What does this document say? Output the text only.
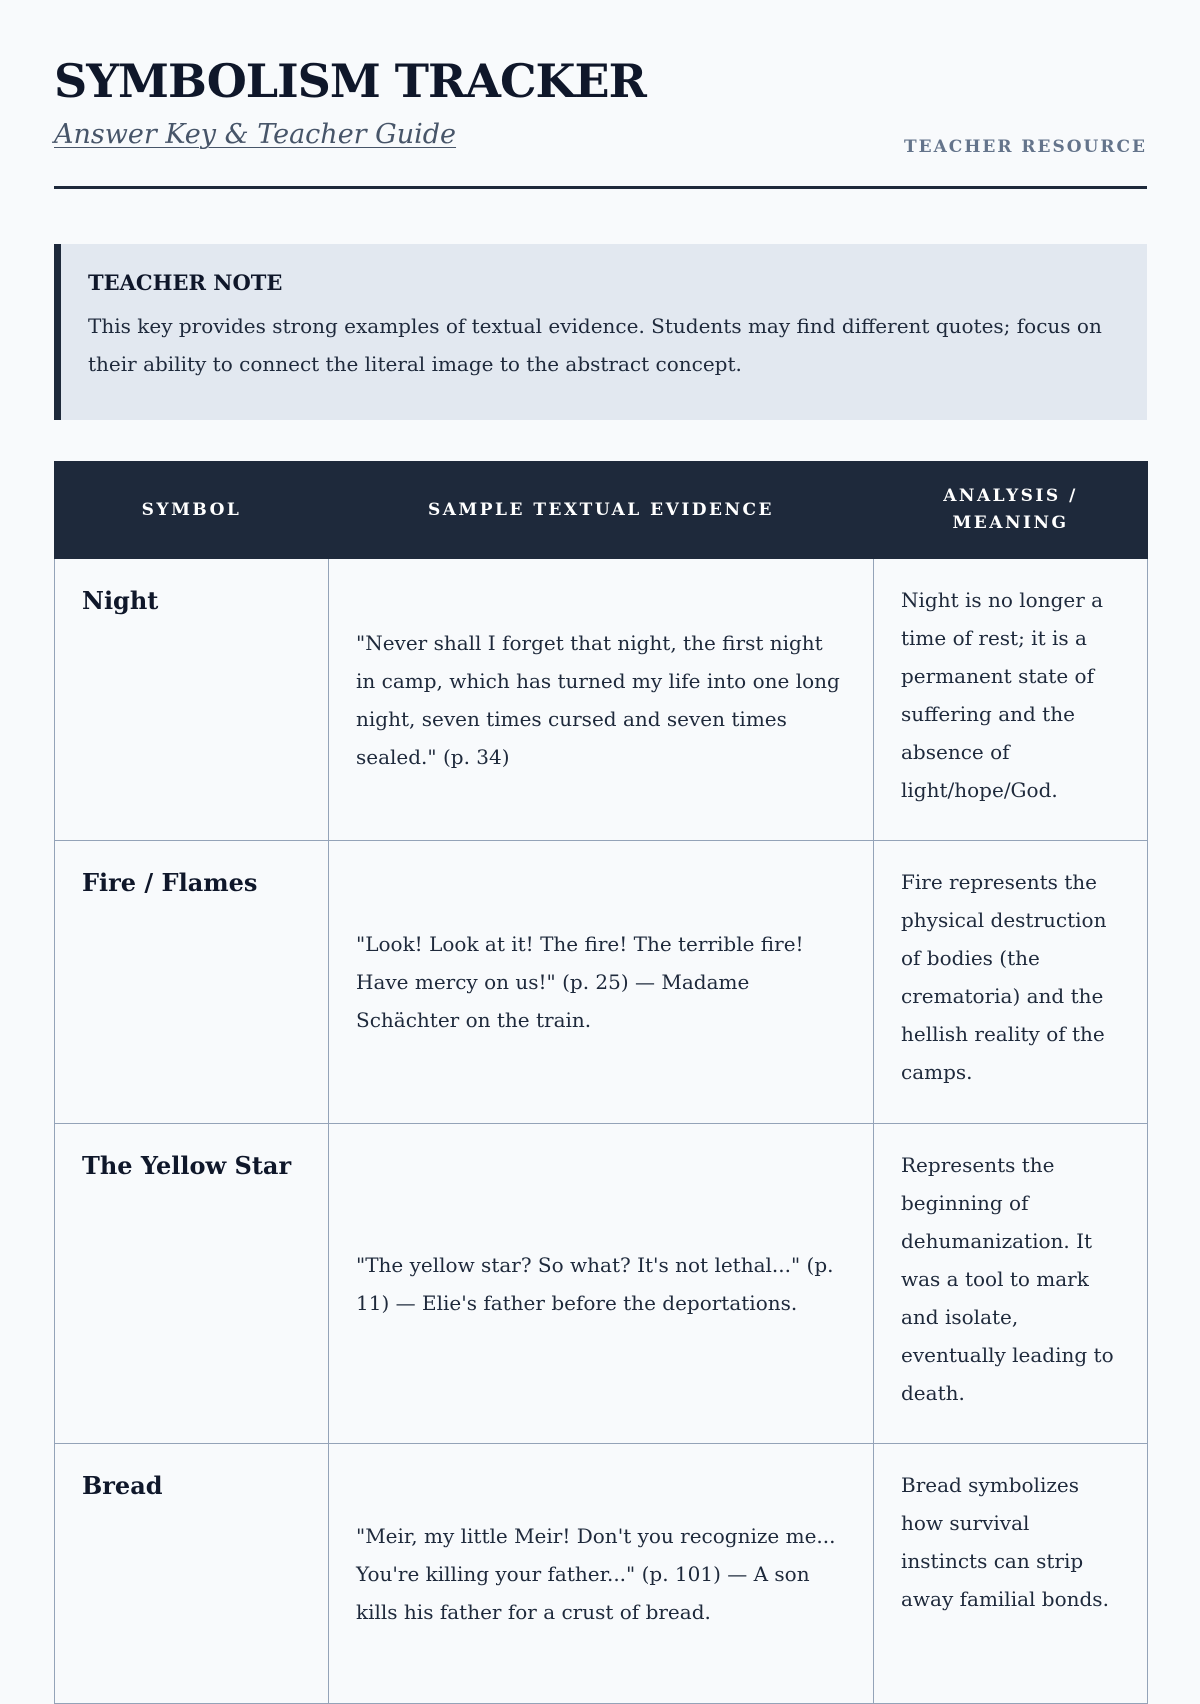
SYMBOLISM TRACKER
Answer Key & Teacher Guide	TEACHER RESOURCE
TEACHER NOTE

This key provides strong examples of textual evidence. Students may find different quotes; focus on their ability to connect the literal image to the abstract concept.

SYMBOL	SAMPLE TEXTUAL EVIDENCE	ANALYSIS / MEANING
Night	"Never shall I forget that night, the first night in camp, which has turned my life into one long night, seven times cursed and seven times sealed." (p. 34)	Night is no longer a time of rest; it is a permanent state of suffering and the absence of light/hope/God.
Fire / Flames	"Look! Look at it! The fire! The terrible fire! Have mercy on us!" (p. 25) — Madame Schächter on the train.	Fire represents the physical destruction of bodies (the crematoria) and the hellish reality of the camps.
The Yellow Star	"The yellow star? So what? It's not lethal..." (p. 11) — Elie's father before the deportations.	Represents the beginning of dehumanization. It was a tool to mark and isolate, eventually leading to death.
Bread	"Meir, my little Meir! Don't you recognize me... You're killing your father..." (p. 101) — A son kills his father for a crust of bread.	Bread symbolizes how survival instincts can strip away familial bonds.
